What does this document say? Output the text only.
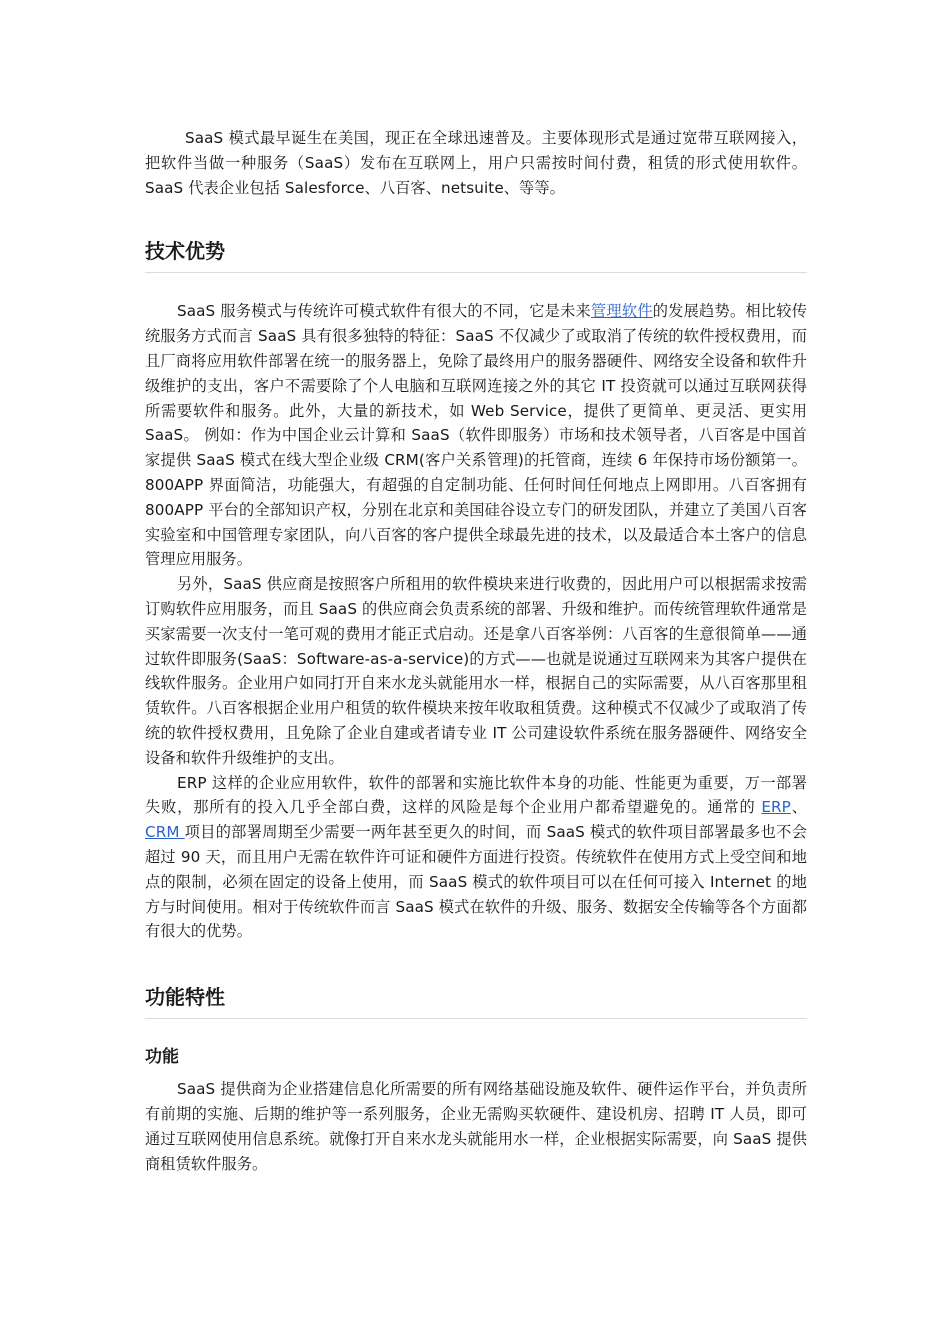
SaaS 模式最早诞生在美国，现正在全球迅速普及。主要体现形式是通过宽带互联网接入，把软件当做一种服务（SaaS）发布在互联网上，用户只需按时间付费，租赁的形式使用软件。SaaS 代表企业包括 Salesforce、八百客、netsuite、等等。

技术优势

SaaS 服务模式与传统许可模式软件有很大的不同，它是未来管理软件的发展趋势。相比较传统服务方式而言 SaaS 具有很多独特的特征：SaaS 不仅减少了或取消了传统的软件授权费用，而且厂商将应用软件部署在统一的服务器上，免除了最终用户的服务器硬件、网络安全设备和软件升级维护的支出，客户不需要除了个人电脑和互联网连接之外的其它 IT 投资就可以通过互联网获得所需要软件和服务。此外，大量的新技术，如 Web Service，提供了更简单、更灵活、更实用 SaaS。 例如：作为中国企业云计算和 SaaS（软件即服务）市场和技术领导者，八百客是中国首家提供 SaaS 模式在线大型企业级 CRM(客户关系管理)的托管商，连续 6 年保持市场份额第一。800APP 界面简洁，功能强大，有超强的自定制功能、任何时间任何地点上网即用。八百客拥有 800APP 平台的全部知识产权，分别在北京和美国硅谷设立专门的研发团队，并建立了美国八百客实验室和中国管理专家团队，向八百客的客户提供全球最先进的技术，以及最适合本土客户的信息管理应用服务。

另外，SaaS 供应商是按照客户所租用的软件模块来进行收费的，因此用户可以根据需求按需订购软件应用服务，而且 SaaS 的供应商会负责系统的部署、升级和维护。而传统管理软件通常是买家需要一次支付一笔可观的费用才能正式启动。还是拿八百客举例：八百客的生意很简单——通过软件即服务(SaaS：Software-as-a-service)的方式——也就是说通过互联网来为其客户提供在线软件服务。企业用户如同打开自来水龙头就能用水一样，根据自己的实际需要，从八百客那里租赁软件。八百客根据企业用户租赁的软件模块来按年收取租赁费。这种模式不仅减少了或取消了传统的软件授权费用，且免除了企业自建或者请专业 IT 公司建设软件系统在服务器硬件、网络安全设备和软件升级维护的支出。

ERP 这样的企业应用软件，软件的部署和实施比软件本身的功能、性能更为重要，万一部署失败，那所有的投入几乎全部白费，这样的风险是每个企业用户都希望避免的。通常的 ERP、CRM 项目的部署周期至少需要一两年甚至更久的时间，而 SaaS 模式的软件项目部署最多也不会超过 90 天，而且用户无需在软件许可证和硬件方面进行投资。传统软件在使用方式上受空间和地点的限制，必须在固定的设备上使用，而 SaaS 模式的软件项目可以在任何可接入 Internet 的地方与时间使用。相对于传统软件而言 SaaS 模式在软件的升级、服务、数据安全传输等各个方面都有很大的优势。

功能特性
功能

SaaS 提供商为企业搭建信息化所需要的所有网络基础设施及软件、硬件运作平台，并负责所有前期的实施、后期的维护等一系列服务，企业无需购买软硬件、建设机房、招聘 IT 人员，即可通过互联网使用信息系统。就像打开自来水龙头就能用水一样，企业根据实际需要，向 SaaS 提供商租赁软件服务。
